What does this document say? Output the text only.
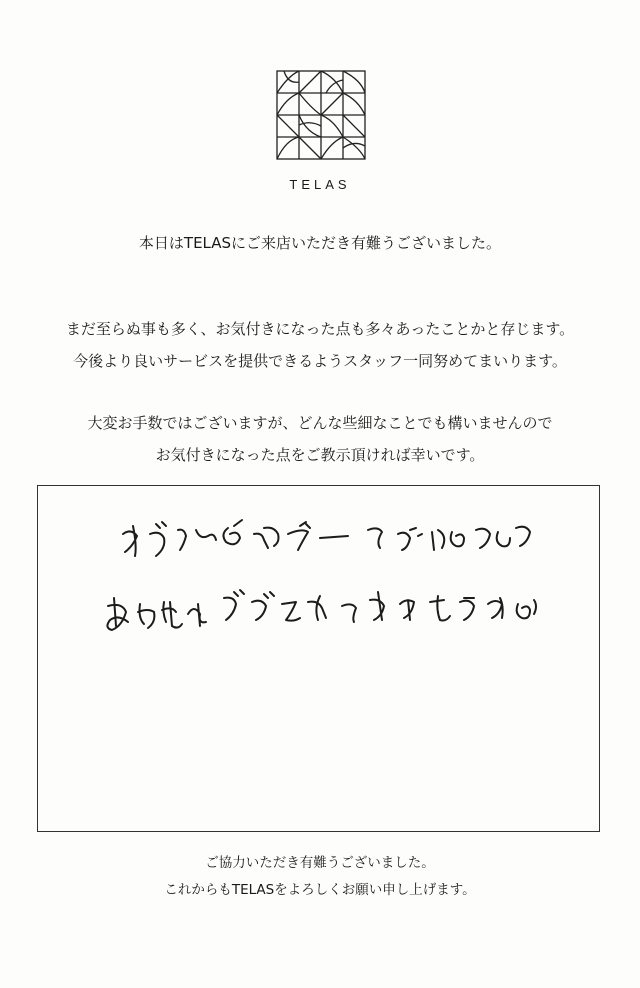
TELAS
本日はTELASにご来店いただき有難うございました。
まだ至らぬ事も多く、お気付きになった点も多々あったことかと存じます。
今後より良いサービスを提供できるようスタッフ一同努めてまいります。
大変お手数ではございますが、どんな些細なことでも構いませんので
お気付きになった点をご教示頂ければ幸いです。
ご協力いただき有難うございました。
これからもTELASをよろしくお願い申し上げます。
